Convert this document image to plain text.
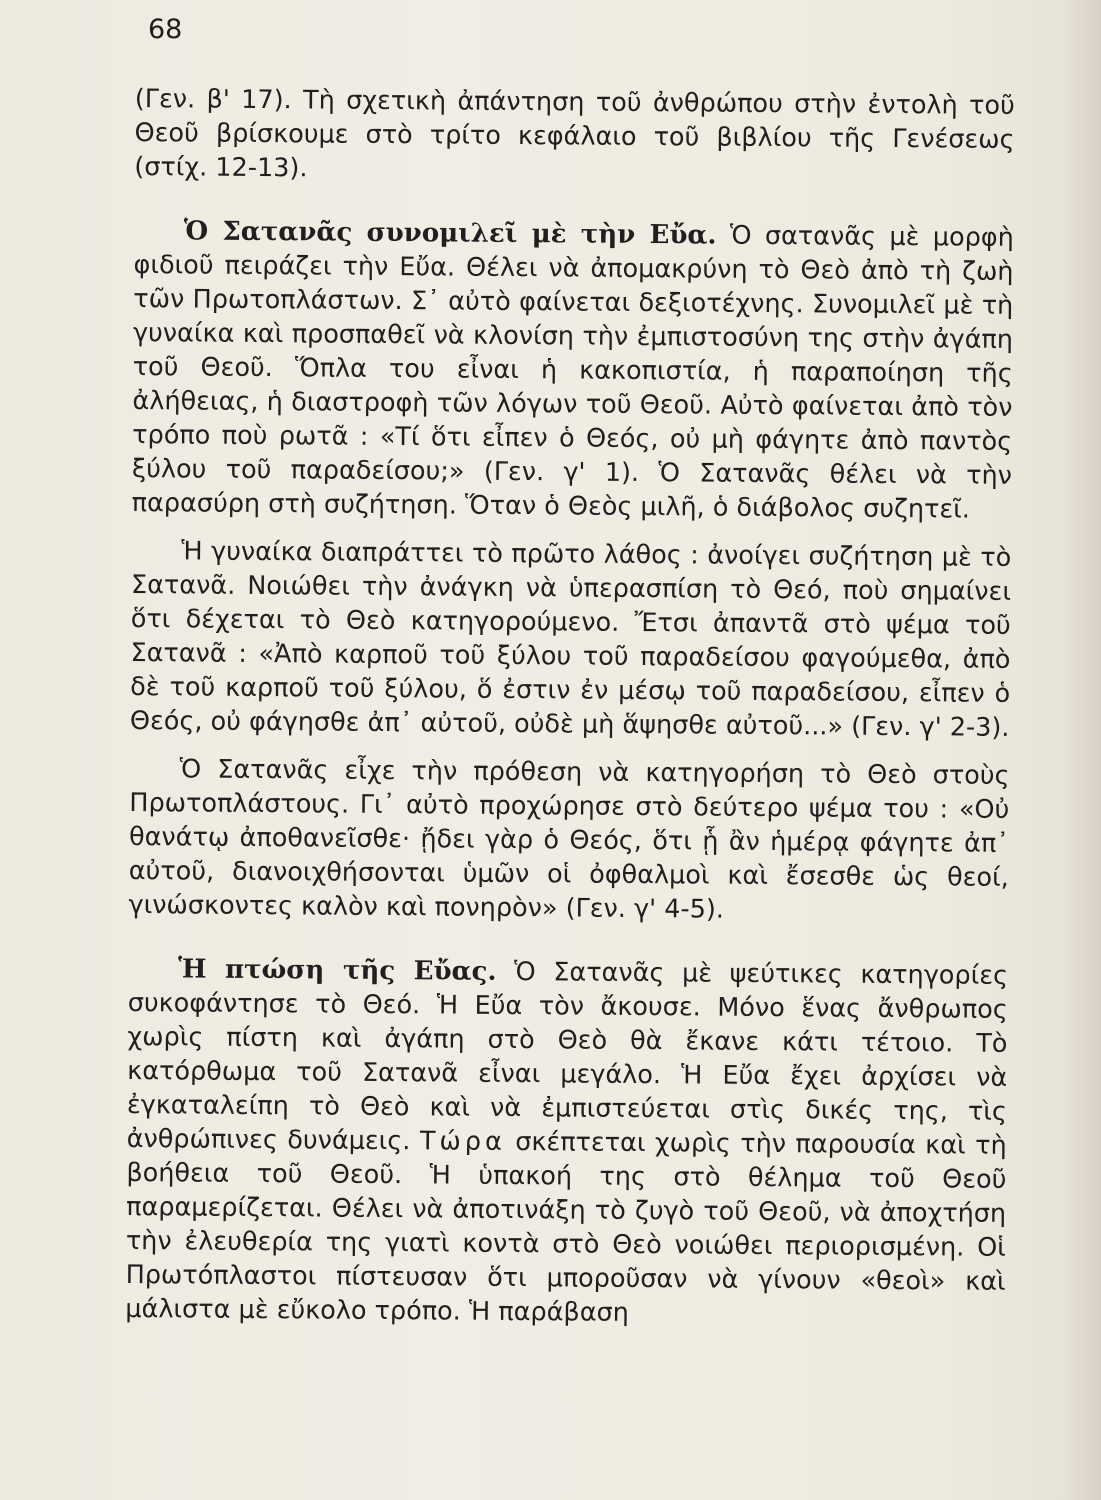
68

(Γεν. β' 17). Τὴ σχετικὴ ἀπάντηση τοῦ ἀνθρώπου στὴν ἐντολὴ τοῦ Θεοῦ βρίσκουμε στὸ τρίτο κεφάλαιο τοῦ βιβλίου τῆς Γενέσεως (στίχ. 12-13).

Ὁ Σατανᾶς συνομιλεῖ μὲ τὴν Εὔα. Ὁ σατανᾶς μὲ μορφὴ φιδιοῦ πειράζει τὴν Εὔα. Θέλει νὰ ἀπομακρύνη τὸ Θεὸ ἀπὸ τὴ ζωὴ τῶν Πρωτοπλάστων. Σ᾿ αὐτὸ φαίνεται δεξιοτέχνης. Συνομιλεῖ μὲ τὴ γυναίκα καὶ προσπαθεῖ νὰ κλονίση τὴν ἐμπιστοσύνη της στὴν ἀγάπη τοῦ Θεοῦ. Ὅπλα του εἶναι ἡ κακοπιστία, ἡ παραποίηση τῆς ἀλήθειας, ἡ διαστροφὴ τῶν λόγων τοῦ Θεοῦ. Αὐτὸ φαίνεται ἀπὸ τὸν τρόπο ποὺ ρωτᾶ : «Τί ὅτι εἶπεν ὁ Θεός, οὐ μὴ φάγητε ἀπὸ παντὸς ξύλου τοῦ παραδείσου;» (Γεν. γ' 1). Ὁ Σατανᾶς θέλει νὰ τὴν παρασύρη στὴ συζήτηση. Ὅταν ὁ Θεὸς μιλῆ, ὁ διάβολος συζητεῖ.

Ἡ γυναίκα διαπράττει τὸ πρῶτο λάθος : ἀνοίγει συζήτηση μὲ τὸ Σατανᾶ. Νοιώθει τὴν ἀνάγκη νὰ ὑπερασπίση τὸ Θεό, ποὺ σημαίνει ὅτι δέχεται τὸ Θεὸ κατηγορούμενο. Ἔτσι ἀπαντᾶ στὸ ψέμα τοῦ Σατανᾶ : «Ἀπὸ καρποῦ τοῦ ξύλου τοῦ παραδείσου φαγούμεθα, ἀπὸ δὲ τοῦ καρποῦ τοῦ ξύλου, ὅ ἐστιν ἐν μέσῳ τοῦ παραδείσου, εἶπεν ὁ Θεός, οὐ φάγησθε ἀπ᾿ αὐτοῦ, οὐδὲ μὴ ἅψησθε αὐτοῦ...» (Γεν. γ' 2-3).

Ὁ Σατανᾶς εἶχε τὴν πρόθεση νὰ κατηγορήση τὸ Θεὸ στοὺς Πρωτοπλάστους. Γι᾿ αὐτὸ προχώρησε στὸ δεύτερο ψέμα του : «Οὐ θανάτῳ ἀποθανεῖσθε· ᾔδει γὰρ ὁ Θεός, ὅτι ᾗ ἂν ἡμέρᾳ φάγητε ἀπ᾿ αὐτοῦ, διανοιχθήσονται ὑμῶν οἱ ὀφθαλμοὶ καὶ ἔσεσθε ὡς θεοί, γινώσκοντες καλὸν καὶ πονηρὸν» (Γεν. γ' 4-5).

Ἡ πτώση τῆς Εὔας. Ὁ Σατανᾶς μὲ ψεύτικες κατηγορίες συκοφάντησε τὸ Θεό. Ἡ Εὔα τὸν ἄκουσε. Μόνο ἕνας ἄνθρωπος χωρὶς πίστη καὶ ἀγάπη στὸ Θεὸ θὰ ἔκανε κάτι τέτοιο. Τὸ κατόρθωμα τοῦ Σατανᾶ εἶναι μεγάλο. Ἡ Εὔα ἔχει ἀρχίσει νὰ ἐγκαταλείπη τὸ Θεὸ καὶ νὰ ἐμπιστεύεται στὶς δικές της, τὶς ἀνθρώπινες δυνάμεις. Τώρα σκέπτεται χωρὶς τὴν παρουσία καὶ τὴ βοήθεια τοῦ Θεοῦ. Ἡ ὑπακοή της στὸ θέλημα τοῦ Θεοῦ παραμερίζεται. Θέλει νὰ ἀποτινάξη τὸ ζυγὸ τοῦ Θεοῦ, νὰ ἀποχτήση τὴν ἐλευθερία της γιατὶ κοντὰ στὸ Θεὸ νοιώθει περιορισμένη. Οἱ Πρωτόπλαστοι πίστευσαν ὅτι μποροῦσαν νὰ γίνουν «θεοὶ» καὶ μάλιστα μὲ εὔκολο τρόπο. Ἡ παράβαση
